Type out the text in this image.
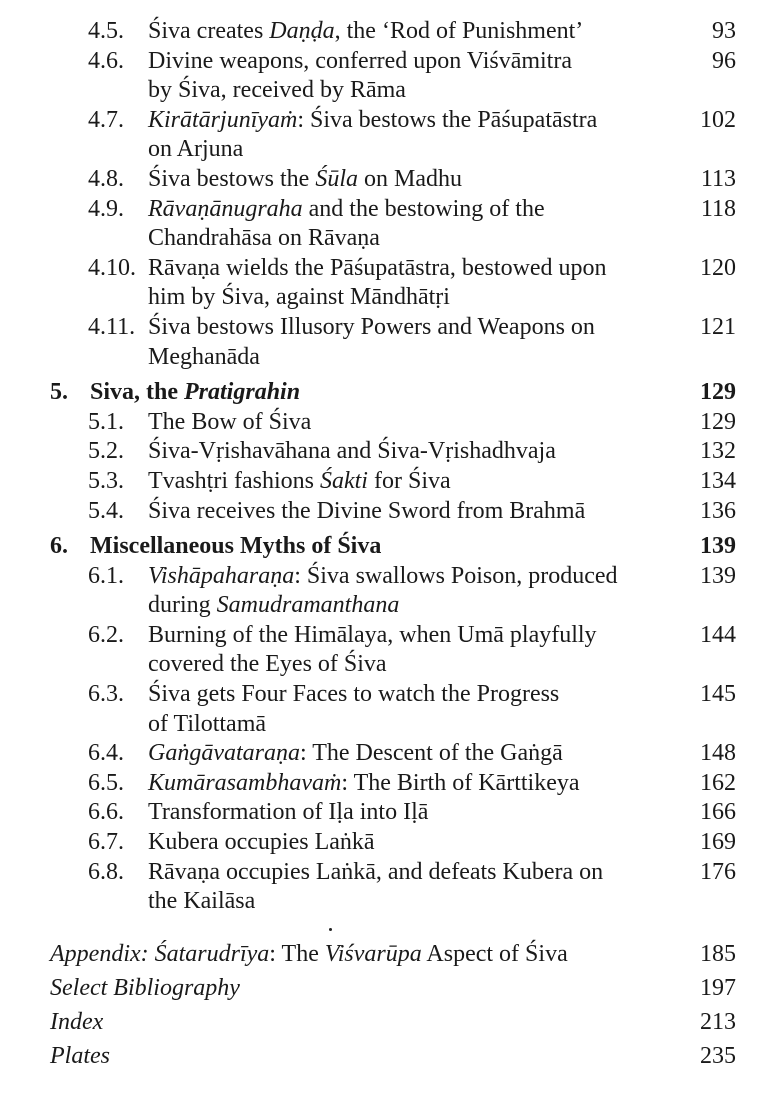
4.5. Śiva creates Daṇḍa, the ‘Rod of Punishment’	93
4.6. Divine weapons, conferred upon Viśvāmitra	96
by Śiva, received by Rāma
4.7. Kirātārjunīyaṁ: Śiva bestows the Pāśupatāstra	102
on Arjuna
4.8. Śiva bestows the Śūla on Madhu	113
4.9. Rāvaṇānugraha and the bestowing of the	118
Chandrahāsa on Rāvaṇa
4.10. Rāvaṇa wields the Pāśupatāstra, bestowed upon	120
him by Śiva, against Māndhātṛi
4.11. Śiva bestows Illusory Powers and Weapons on	121
Meghanāda
5. Siva, the Pratigrahin	129
5.1. The Bow of Śiva	129
5.2. Śiva-Vṛishavāhana and Śiva-Vṛishadhvaja	132
5.3. Tvashṭri fashions Śakti for Śiva	134
5.4. Śiva receives the Divine Sword from Brahmā	136
6. Miscellaneous Myths of Śiva	139
6.1. Vishāpaharaṇa: Śiva swallows Poison, produced	139
during Samudramanthana
6.2. Burning of the Himālaya, when Umā playfully	144
covered the Eyes of Śiva
6.3. Śiva gets Four Faces to watch the Progress	145
of Tilottamā
6.4. Gaṅgāvataraṇa: The Descent of the Gaṅgā	148
6.5. Kumārasambhavaṁ: The Birth of Kārttikeya	162
6.6. Transformation of Iḷa into Iḷā	166
6.7. Kubera occupies Laṅkā	169
6.8. Rāvaṇa occupies Laṅkā, and defeats Kubera on	176
the Kailāsa
Appendix: Śatarudrīya: The Viśvarūpa Aspect of Śiva	185
Select Bibliography	197
Index	213
Plates	235
